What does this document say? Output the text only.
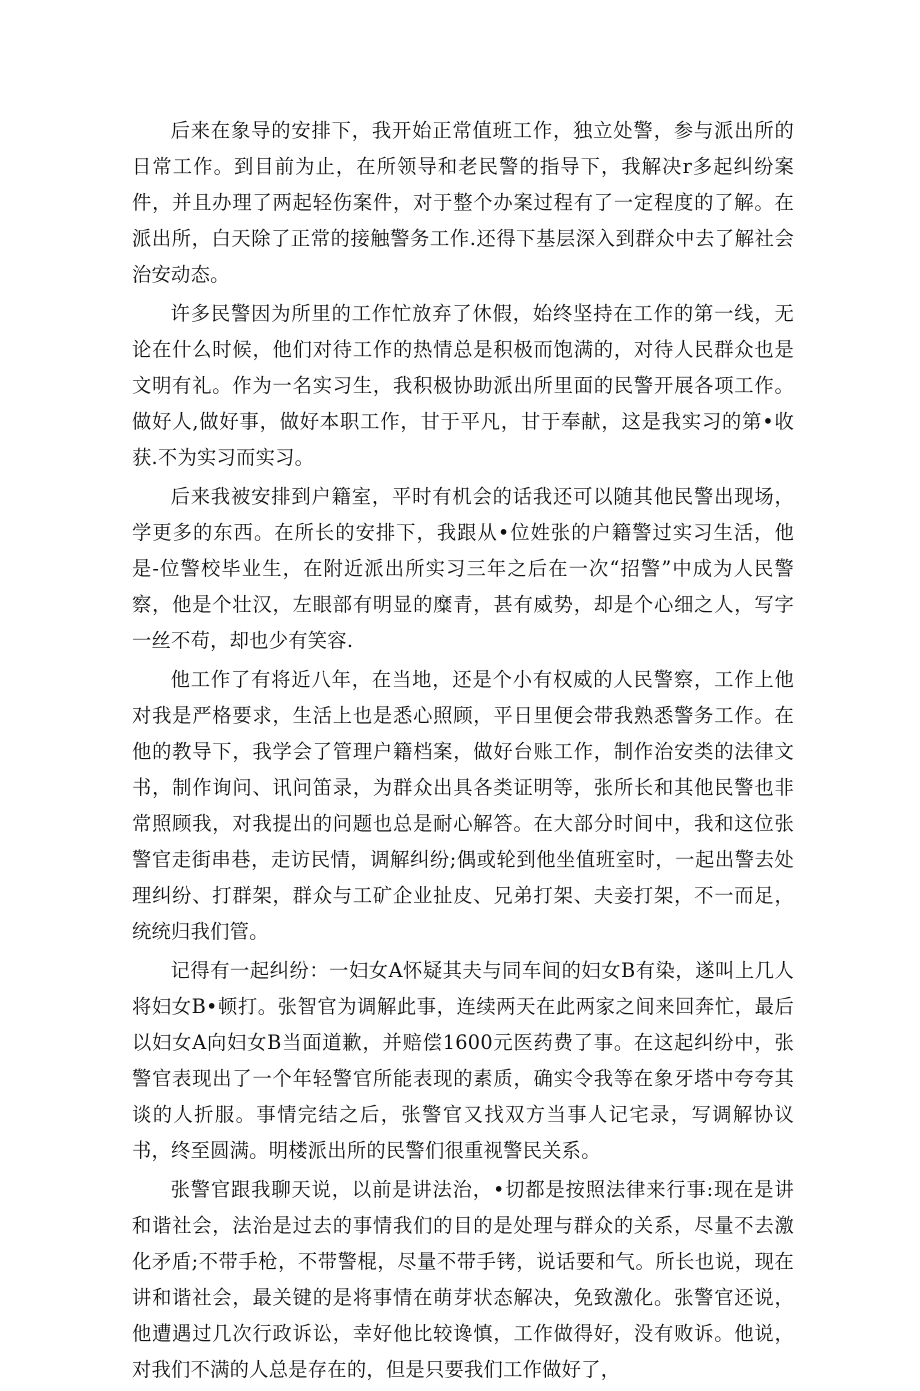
后来在象导的安排下，我开始正常值班工作，独立处警，参与派出所的日常工作。到目前为止，在所领导和老民警的指导下，我解决r多起纠纷案件，并且办理了两起轻伤案件，对于整个办案过程有了一定程度的了解。在派出所，白天除了正常的接触警务工作.还得下基层深入到群众中去了解社会治安动态。

许多民警因为所里的工作忙放弃了休假，始终坚持在工作的第一线，无论在什么时候，他们对待工作的热情总是积极而饱满的，对待人民群众也是文明有礼。作为一名实习生，我积极协助派出所里面的民警开展各项工作。做好人,做好事，做好本职工作，甘于平凡，甘于奉献，这是我实习的第•收获.不为实习而实习。

后来我被安排到户籍室，平时有机会的话我还可以随其他民警出现场，学更多的东西。在所长的安排下，我跟从•位姓张的户籍警过实习生活，他是-位警校毕业生，在附近派出所实习三年之后在一次“招警”中成为人民警察，他是个壮汉，左眼部有明显的糜青，甚有威势，却是个心细之人，写字一丝不苟，却也少有笑容.

他工作了有将近八年，在当地，还是个小有权威的人民警察，工作上他对我是严格要求，生活上也是悉心照顾，平日里便会带我熟悉警务工作。在他的教导下，我学会了管理户籍档案，做好台账工作，制作治安类的法律文书，制作询问、讯问笛录，为群众出具各类证明等，张所长和其他民警也非常照顾我，对我提出的问题也总是耐心解答。在大部分时间中，我和这位张警官走街串巷，走访民情，调解纠纷;偶或轮到他坐值班室时，一起出警去处理纠纷、打群架，群众与工矿企业扯皮、兄弟打架、夫妾打架，不一而足，统统归我们管。

记得有一起纠纷：一妇女A怀疑其夫与同车间的妇女B有染，遂叫上几人将妇女B•顿打。张智官为调解此事，连续两天在此两家之间来回奔忙，最后以妇女A向妇女B当面道歉，并赔偿1600元医药费了事。在这起纠纷中，张警官表现出了一个年轻警官所能表现的素质，确实令我等在象牙塔中夸夸其谈的人折服。事情完结之后，张警官又找双方当事人记宅录，写调解协议书，终至圆满。明楼派出所的民警们很重视警民关系。

张警官跟我聊天说，以前是讲法治，•切都是按照法律来行事:现在是讲和谐社会，法治是过去的事情我们的目的是处理与群众的关系，尽量不去激化矛盾;不带手枪，不带警棍，尽量不带手铐，说话要和气。所长也说，现在讲和谐社会，最关键的是将事情在萌芽状态解决，免致激化。张警官还说，他遭遇过几次行政诉讼，幸好他比较谗慎，工作做得好，没有败诉。他说，对我们不满的人总是存在的，但是只要我们工作做好了，
